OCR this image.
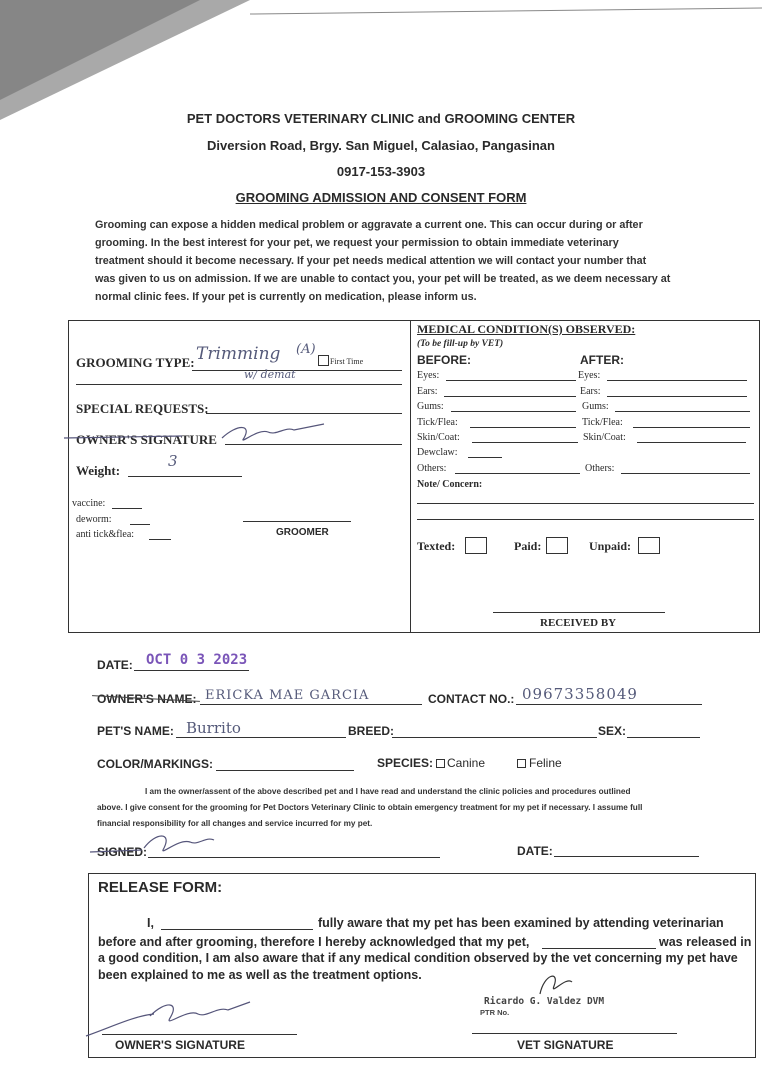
PET DOCTORS VETERINARY CLINIC and GROOMING CENTER
Diversion Road, Brgy. San Miguel, Calasiao, Pangasinan
0917-153-3903
GROOMING ADMISSION AND CONSENT FORM
Grooming can expose a hidden medical problem or aggravate a current one. This can occur during or after
grooming. In the best interest for your pet, we request your permission to obtain immediate veterinary
treatment should it become necessary. If your pet needs medical attention we will contact your number that
was given to us on admission. If we are unable to contact you, your pet will be treated, as we deem necessary at
normal clinic fees. If your pet is currently on medication, please inform us.
GROOMING TYPE: Trimming (A)
First Time
w/ demat
SPECIAL REQUESTS:
OWNER'S SIGNATURE
Weight:
3
vaccine:
deworm:
anti tick&flea:	GROOMER
MEDICAL CONDITION(S) OBSERVED:
(To be fill-up by VET)
BEFORE:	AFTER:
Eyes:	Eyes:
Ears:	Ears:
Gums:	Gums:
Tick/Flea:	Tick/Flea:
Skin/Coat:	Skin/Coat:
Dewclaw:
Others:	Others:
Note/ Concern:
Texted:	Paid:	Unpaid:
RECEIVED BY
DATE: OCT 0 3 2023
OWNER'S NAME: ERICKA MAE GARCIA	CONTACT NO.: 09673358049
PET'S NAME: Burrito	BREED:	SEX:
COLOR/MARKINGS:	SPECIES: Canine	Feline
I am the owner/assent of the above described pet and I have read and understand the clinic policies and procedures outlined
above. I give consent for the grooming for Pet Doctors Veterinary Clinic to obtain emergency treatment for my pet if necessary. I assume full
financial responsibility for all changes and service incurred for my pet.
SIGNED:	DATE:
RELEASE FORM:
I,	fully aware that my pet has been examined by attending veterinarian
before and after grooming, therefore I hereby acknowledged that my pet,	was released in
a good condition, I am also aware that if any medical condition observed by the vet concerning my pet have
been explained to me as well as the treatment options.
OWNER'S SIGNATURE
Ricardo G. Valdez DVM
PTR No.
VET SIGNATURE
